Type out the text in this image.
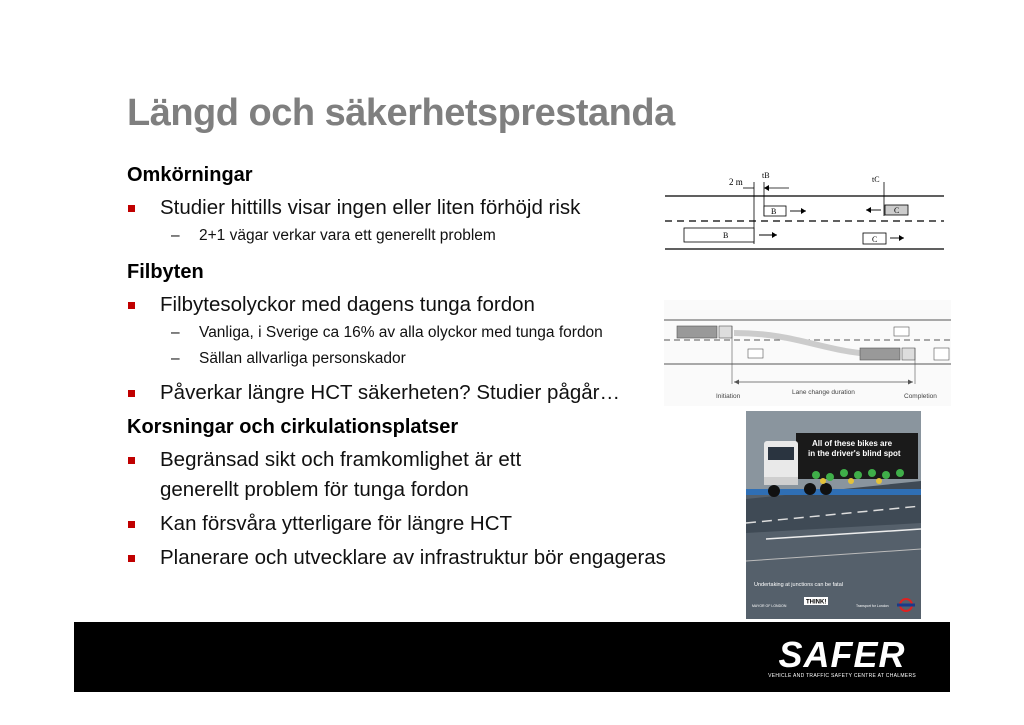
Längd och säkerhetsprestanda
Omkörningar
Studier hittills visar ingen eller liten förhöjd risk
– 2+1 vägar verkar vara ett generellt problem
Filbyten
Filbytesolyckor med dagens tunga fordon
– Vanliga, i Sverige ca 16% av alla olyckor med tunga fordon
– Sällan allvarliga personskador
Påverkar längre HCT säkerheten? Studier pågår…
Korsningar och cirkulationsplatser
Begränsad sikt och framkomlighet är ett
generellt problem för tunga fordon
Kan försvåra ytterligare för längre HCT
Planerare och utvecklare av infrastruktur bör engageras
2 m
tB	tC
B	C
B	C
Initiation
Lane change duration
Completion
All of these bikes are
in the driver's blind spot
Undertaking at junctions can be fatal
MAYOR OF LONDON
THINK!
Transport for London
SAFER
VEHICLE AND TRAFFIC SAFETY CENTRE AT CHALMERS
